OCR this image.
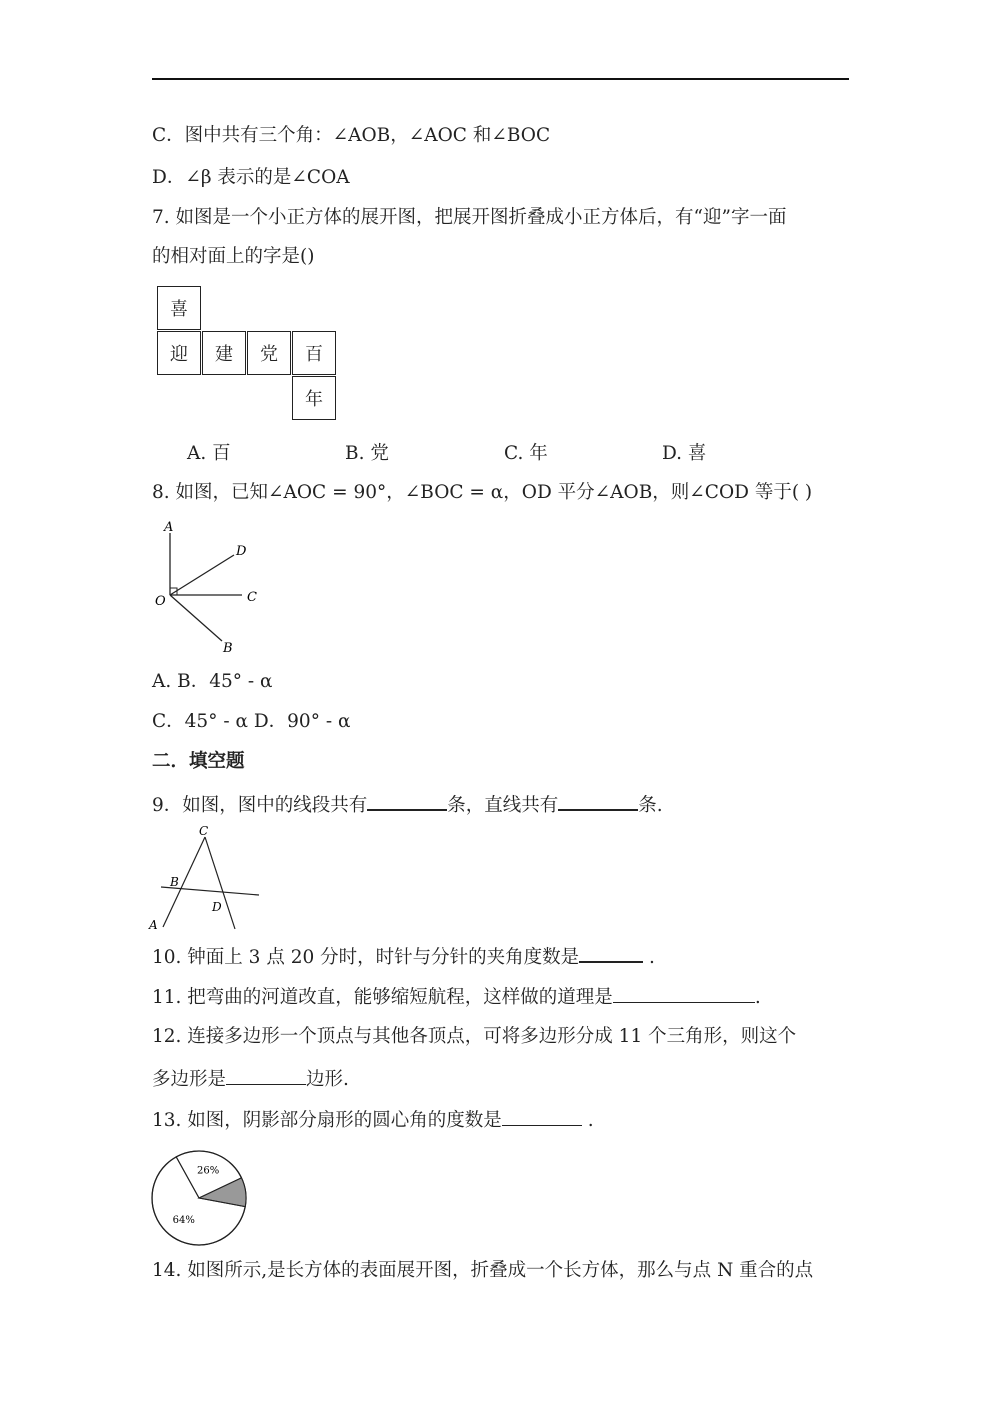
C．图中共有三个角：∠AOB，∠AOC 和∠BOC
D．∠β 表示的是∠COA
7. 如图是一个小正方体的展开图，把展开图折叠成小正方体后，有“迎”字一面
的相对面上的字是()
喜
迎	建	党	百
年
A. 百	B. 党	C. 年	D. 喜
8. 如图，已知∠AOC = 90°，∠BOC = α，OD 平分∠AOB，则∠COD 等于( )
A
D
O	C
B
A. B．45° - α
C．45° - α D．90° - α
二．填空题
9．如图，图中的线段共有	条，直线共有	条.
C
B
D
A
10. 钟面上 3 点 20 分时，时针与分针的夹角度数是	.
11. 把弯曲的河道改直，能够缩短航程，这样做的道理是	.
12. 连接多边形一个顶点与其他各顶点，可将多边形分成 11 个三角形，则这个
多边形是	边形.
13. 如图，阴影部分扇形的圆心角的度数是	.
26%
64%
14. 如图所示,是长方体的表面展开图，折叠成一个长方体，那么与点 N 重合的点
